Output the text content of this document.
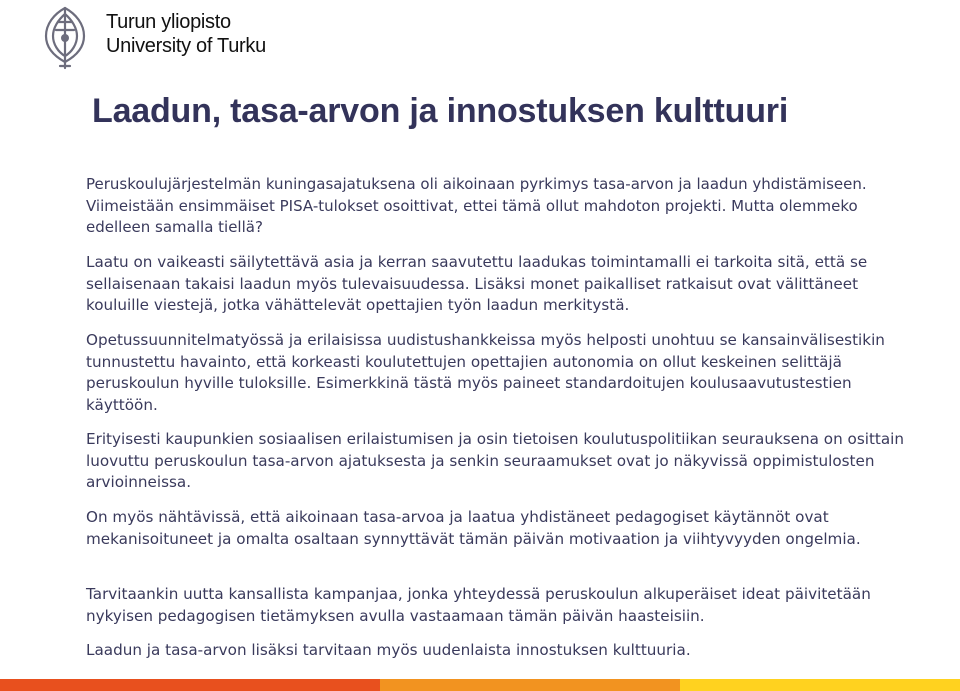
Turun yliopisto
University of Turku
Laadun, tasa-arvon ja innostuksen kulttuuri

Peruskoulujärjestelmän kuningasajatuksena oli aikoinaan pyrkimys tasa-arvon ja laadun yhdistämiseen. Viimeistään ensimmäiset PISA-tulokset osoittivat, ettei tämä ollut mahdoton projekti. Mutta olemmeko edelleen samalla tiellä?

Laatu on vaikeasti säilytettävä asia ja kerran saavutettu laadukas toimintamalli ei tarkoita sitä, että se sellaisenaan takaisi laadun myös tulevaisuudessa. Lisäksi monet paikalliset ratkaisut ovat välittäneet kouluille viestejä, jotka vähättelevät opettajien työn laadun merkitystä.

Opetussuunnitelmatyössä ja erilaisissa uudistushankkeissa myös helposti unohtuu se kansainvälisestikin tunnustettu havainto, että korkeasti koulutettujen opettajien autonomia on ollut keskeinen selittäjä peruskoulun hyville tuloksille. Esimerkkinä tästä myös paineet standardoitujen koulusaavutustestien käyttöön.

Erityisesti kaupunkien sosiaalisen erilaistumisen ja osin tietoisen koulutuspolitiikan seurauksena on osittain luovuttu peruskoulun tasa-arvon ajatuksesta ja senkin seuraamukset ovat jo näkyvissä oppimistulosten arvioinneissa.

On myös nähtävissä, että aikoinaan tasa-arvoa ja laatua yhdistäneet pedagogiset käytännöt ovat mekanisoituneet ja omalta osaltaan synnyttävät tämän päivän motivaation ja viihtyvyyden ongelmia.

Tarvitaankin uutta kansallista kampanjaa, jonka yhteydessä peruskoulun alkuperäiset ideat päivitetään nykyisen pedagogisen tietämyksen avulla vastaamaan tämän päivän haasteisiin.

Laadun ja tasa-arvon lisäksi tarvitaan myös uudenlaista innostuksen kulttuuria.
